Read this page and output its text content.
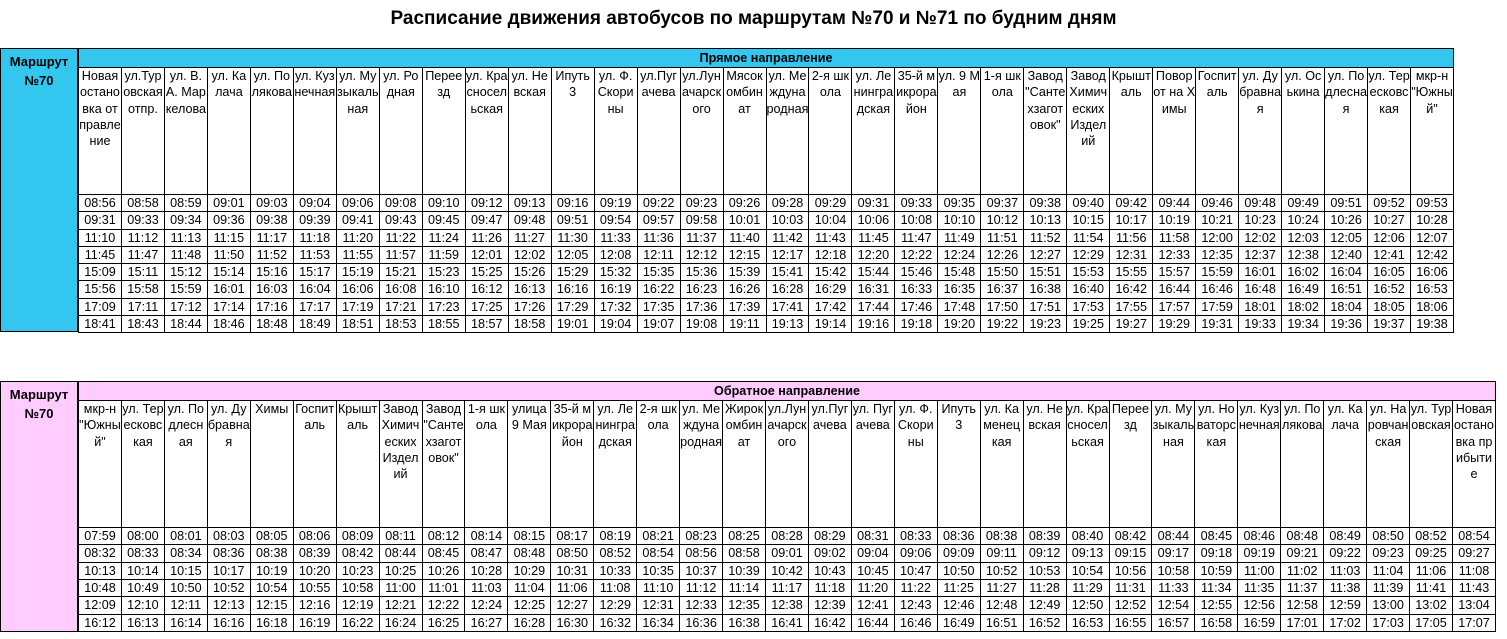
Расписание движения автобусов по маршрутам №70 и №71 по будним дням
Маршрут №70
Прямое направление																															
Новая остановка отправление	ул.Туровская отпр.	ул. В.А. Маркелова	ул. Калача	ул. Полякова	ул. Кузнечная	ул. Музыкальная	ул. Родная	Переезд	ул. Красносельская	ул. Невская	Ипуть 3	ул. Ф.Скорины	ул.Пугачева	ул.Луначарского	Мясокомбинат	ул. Международная	2-я школа	ул. Ленинградская	35-й микрорайон	ул. 9 Мая	1-я школа	Завод "Сантехзаготовок"	Завод Химических Изделий	Крышталь	Поворот на Химы	Госпиталь	ул. Дубравная	ул. Оськина	ул. Подлесная	ул. Тересковская	мкр-н "Южный"
08:56	08:58	08:59	09:01	09:03	09:04	09:06	09:08	09:10	09:12	09:13	09:16	09:19	09:22	09:23	09:26	09:28	09:29	09:31	09:33	09:35	09:37	09:38	09:40	09:42	09:44	09:46	09:48	09:49	09:51	09:52	09:53
09:31	09:33	09:34	09:36	09:38	09:39	09:41	09:43	09:45	09:47	09:48	09:51	09:54	09:57	09:58	10:01	10:03	10:04	10:06	10:08	10:10	10:12	10:13	10:15	10:17	10:19	10:21	10:23	10:24	10:26	10:27	10:28
11:10	11:12	11:13	11:15	11:17	11:18	11:20	11:22	11:24	11:26	11:27	11:30	11:33	11:36	11:37	11:40	11:42	11:43	11:45	11:47	11:49	11:51	11:52	11:54	11:56	11:58	12:00	12:02	12:03	12:05	12:06	12:07
11:45	11:47	11:48	11:50	11:52	11:53	11:55	11:57	11:59	12:01	12:02	12:05	12:08	12:11	12:12	12:15	12:17	12:18	12:20	12:22	12:24	12:26	12:27	12:29	12:31	12:33	12:35	12:37	12:38	12:40	12:41	12:42
15:09	15:11	15:12	15:14	15:16	15:17	15:19	15:21	15:23	15:25	15:26	15:29	15:32	15:35	15:36	15:39	15:41	15:42	15:44	15:46	15:48	15:50	15:51	15:53	15:55	15:57	15:59	16:01	16:02	16:04	16:05	16:06
15:56	15:58	15:59	16:01	16:03	16:04	16:06	16:08	16:10	16:12	16:13	16:16	16:19	16:22	16:23	16:26	16:28	16:29	16:31	16:33	16:35	16:37	16:38	16:40	16:42	16:44	16:46	16:48	16:49	16:51	16:52	16:53
17:09	17:11	17:12	17:14	17:16	17:17	17:19	17:21	17:23	17:25	17:26	17:29	17:32	17:35	17:36	17:39	17:41	17:42	17:44	17:46	17:48	17:50	17:51	17:53	17:55	17:57	17:59	18:01	18:02	18:04	18:05	18:06
18:41	18:43	18:44	18:46	18:48	18:49	18:51	18:53	18:55	18:57	18:58	19:01	19:04	19:07	19:08	19:11	19:13	19:14	19:16	19:18	19:20	19:22	19:23	19:25	19:27	19:29	19:31	19:33	19:34	19:36	19:37	19:38
Маршрут №70
Обратное направление																																
мкр-н "Южный"	ул. Тересковская	ул. Подлесная	ул. Дубравная	Химы	Госпиталь	Крышталь	Завод Химических Изделий	Завод "Сантехзаготовок"	1-я школа	улица 9 Мая	35-й микрорайон	ул. Ленинградская	2-я школа	ул. Международная	Жирокомбинат	ул.Луначарского	ул.Пугачева	ул. Пугачева	ул. Ф.Скорины	Ипуть 3	ул. Каменецкая	ул. Невская	ул. Красносельская	Переезд	ул. Музыкальная	ул. Новаторская	ул. Кузнечная	ул. Полякова	ул. Калача	ул. Наровчанская	ул. Туровская	Новая остановка прибытие
07:59	08:00	08:01	08:03	08:05	08:06	08:09	08:11	08:12	08:14	08:15	08:17	08:19	08:21	08:23	08:25	08:28	08:29	08:31	08:33	08:36	08:38	08:39	08:40	08:42	08:44	08:45	08:46	08:48	08:49	08:50	08:52	08:54
08:32	08:33	08:34	08:36	08:38	08:39	08:42	08:44	08:45	08:47	08:48	08:50	08:52	08:54	08:56	08:58	09:01	09:02	09:04	09:06	09:09	09:11	09:12	09:13	09:15	09:17	09:18	09:19	09:21	09:22	09:23	09:25	09:27
10:13	10:14	10:15	10:17	10:19	10:20	10:23	10:25	10:26	10:28	10:29	10:31	10:33	10:35	10:37	10:39	10:42	10:43	10:45	10:47	10:50	10:52	10:53	10:54	10:56	10:58	10:59	11:00	11:02	11:03	11:04	11:06	11:08
10:48	10:49	10:50	10:52	10:54	10:55	10:58	11:00	11:01	11:03	11:04	11:06	11:08	11:10	11:12	11:14	11:17	11:18	11:20	11:22	11:25	11:27	11:28	11:29	11:31	11:33	11:34	11:35	11:37	11:38	11:39	11:41	11:43
12:09	12:10	12:11	12:13	12:15	12:16	12:19	12:21	12:22	12:24	12:25	12:27	12:29	12:31	12:33	12:35	12:38	12:39	12:41	12:43	12:46	12:48	12:49	12:50	12:52	12:54	12:55	12:56	12:58	12:59	13:00	13:02	13:04
16:12	16:13	16:14	16:16	16:18	16:19	16:22	16:24	16:25	16:27	16:28	16:30	16:32	16:34	16:36	16:38	16:41	16:42	16:44	16:46	16:49	16:51	16:52	16:53	16:55	16:57	16:58	16:59	17:01	17:02	17:03	17:05	17:07
